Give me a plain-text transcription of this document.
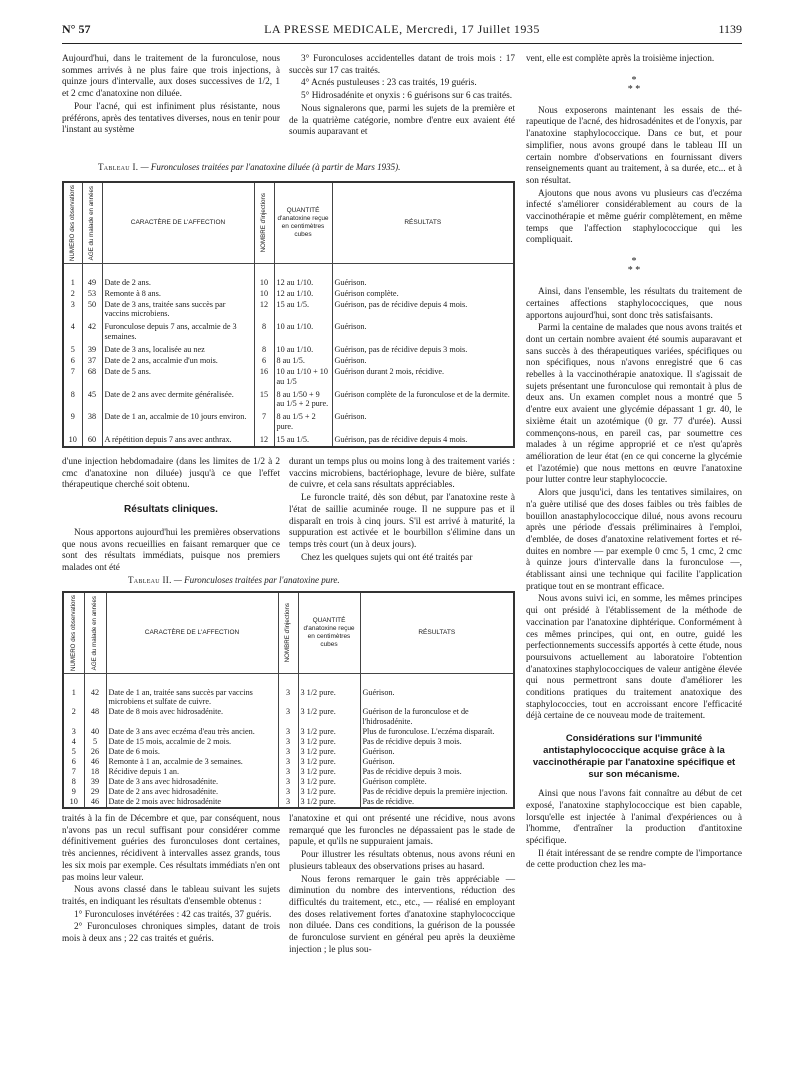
N° 57	LA PRESSE MEDICALE, Mercredi, 17 Juillet 1935	1139

Aujourd'hui, dans le traitement de la furonculose, nous sommes arrivés à ne plus faire que trois injections, à quinze jours d'intervalle, aux doses successives de 1/2, 1 et 2 cmc d'anatoxine non diluée.

Pour l'acné, qui est infiniment plus résistante, nous préférons, après des tentatives diverses, nous en tenir pour l'instant au système

3° Furonculoses accidentelles datant de trois mois : 17 succès sur 17 cas traités.

4° Acnés pustuleuses : 23 cas traités, 19 guéris.

5° Hidrosadénite et onyxis : 6 guérisons sur 6 cas traités.

Nous signalerons que, parmi les sujets de la première et de la quatrième catégorie, nombre d'entre eux avaient été soumis auparavant et

Tableau I. — Furonculoses traitées par l'anatoxine diluée (à partir de Mars 1935).
NUMÉRO des observations	AGE du malade en années	CARACTÈRE DE L'AFFECTION	NOMBRE d'injections	QUANTITÉ d'anatoxine reçue en centimètres cubes	RÉSULTATS

1	49	Date de 2 ans.	10	12 au 1/10.	Guérison.
2	53	Remonte à 8 ans.	10	12 au 1/10.	Guérison complète.
3	50	Date de 3 ans, traitée sans succès par vaccins microbiens.	12	15 au 1/5.	Guérison, pas de récidive depuis 4 mois.
4	42	Furonculose depuis 7 ans, accalmie de 3 semaines.	8	10 au 1/10.	Guérison.
5	39	Date de 3 ans, localisée au nez	8	10 au 1/10.	Guérison, pas de récidive depuis 3 mois.
6	37	Date de 2 ans, accalmie d'un mois.	6	8 au 1/5.	Guérison.
7	68	Date de 5 ans.	16	10 au 1/10 + 10 au 1/5	Guérison durant 2 mois, récidive.
8	45	Date de 2 ans avec dermite généralisée.	15	8 au 1/50 + 9 au 1/5 + 2 pure.	Guérison complète de la furonculose et de la dermite.
9	38	Date de 1 an, accalmie de 10 jours environ.	7	8 au 1/5 + 2 pure.	Guérison.
10	60	A répétition depuis 7 ans avec anthrax.	12	15 au 1/5.	Guérison, pas de récidive depuis 4 mois.

d'une injection hebdomadaire (dans les limites de 1/2 à 2 cmc d'anatoxine non diluée) jusqu'à ce que l'effet thérapeutique cherché soit obtenu.

Résultats cliniques.

Nous apportons aujourd'hui les premières observations que nous avons recueillies en faisant remarquer que ce sont des résultats immédiats, puisque nos premiers malades ont été

durant un temps plus ou moins long à des traitement variés : vaccins microbiens, bactériophage, levure de bière, sulfate de cuivre, et cela sans résultats appréciables.

Le furoncle traité, dès son début, par l'anatoxine reste à l'état de saillie acuminée rouge. Il ne suppure pas et il disparaît en trois à cinq jours. S'il est arrivé à maturité, la suppuration est activée et le bourbillon s'élimine dans un temps très court (un à deux jours).

Chez les quelques sujets qui ont été traités par

Tableau II. — Furonculoses traitées par l'anatoxine pure.
NUMÉRO des observations	AGE du malade en années	CARACTÈRE DE L'AFFECTION	NOMBRE d'injections	QUANTITÉ d'anatoxine reçue en centimètres cubes	RÉSULTATS

1	42	Date de 1 an, traitée sans succès par vaccins microbiens et sulfate de cuivre.	3	3 1/2 pure.	Guérison.
2	48	Date de 8 mois avec hidrosadénite.	3	3 1/2 pure.	Guérison de la furonculose et de l'hidrosadénite.
3	40	Date de 3 ans avec eczéma d'eau très ancien.	3	3 1/2 pure.	Plus de furonculose. L'eczéma disparaît.
4	5	Date de 15 mois, accalmie de 2 mois.	3	3 1/2 pure.	Pas de récidive depuis 3 mois.
5	26	Date de 6 mois.	3	3 1/2 pure.	Guérison.
6	46	Remonte à 1 an, accalmie de 3 semaines.	3	3 1/2 pure.	Guérison.
7	18	Récidive depuis 1 an.	3	3 1/2 pure.	Pas de récidive depuis 3 mois.
8	39	Date de 3 ans avec hidrosadénite.	3	3 1/2 pure.	Guérison complète.
9	29	Date de 2 ans avec hidrosadénite.	3	3 1/2 pure.	Pas de récidive depuis la première injection.
10	46	Date de 2 mois avec hidrosadénite	3	3 1/2 pure.	Pas de récidive.

traités à la fin de Décembre et que, par conséquent, nous n'avons pas un recul suffisant pour considérer comme définitivement guéries des furonculoses dont certaines, très anciennes, récidivent à intervalles assez grands, tous les six mois par exemple. Ces résultats immédiats n'en ont pas moins leur valeur.

Nous avons classé dans le tableau suivant les sujets traités, en indiquant les résultats d'ensemble obtenus :

1° Furonculoses invétérées : 42 cas traités, 37 guéris.

2° Furonculoses chroniques simples, datant de trois mois à deux ans ; 22 cas traités et guéris.

l'anatoxine et qui ont présenté une récidive, nous avons remarqué que les furoncles ne dépassaient pas le stade de papule, et qu'ils ne suppuraient jamais.

Pour illustrer les résultats obtenus, nous avons réuni en plusieurs tableaux des observations prises au hasard.

Nous ferons remarquer le gain très appréciable — diminution du nombre des interventions, réduction des difficultés du traitement, etc., etc., — réalisé en employant des doses relativement fortes d'anatoxine staphylococcique non diluée. Dans ces conditions, la guérison de la poussée de furonculose survient en général peu après la deuxième injection ; le plus sou-

vent, elle est complète après la troisième injection.

*
* *

Nous exposerons maintenant les essais de thérapeutique de l'acné, des hidrosadénites et de l'onyxis, par l'anatoxine staphylococcique. Dans ce but, et pour simplifier, nous avons groupé dans le tableau III un certain nombre d'observations en fournissant divers renseignements quant au traitement, à sa durée, etc... et à son résultat.

Ajoutons que nous avons vu plusieurs cas d'eczéma infecté s'améliorer considérablement au cours de la vaccinothérapie et même guérir complètement, en même temps que l'affection staphylococcique qui les compliquait.

*
* *

Ainsi, dans l'ensemble, les résultats du traitement de certaines affections staphylococciques, que nous apportons aujourd'hui, sont donc très satisfaisants.

Parmi la centaine de malades que nous avons traités et dont un certain nombre avaient été soumis auparavant et sans succès à des thérapeutiques variées, spécifiques ou non spécifiques, nous n'avons enregistré que 6 cas rebelles à la vaccinothérapie anatoxique. Il s'agissait de sujets présentant une furonculose qui remontait à plus de deux ans. Un examen complet nous a montré que 5 d'entre eux avaient une glycémie dépassant 1 gr. 40, le sixième était un azotémique (0 gr. 77 d'urée). Aussi commençons-nous, en pareil cas, par soumettre ces malades à un régime approprié et ce n'est qu'après amélioration de leur état (en ce qui concerne la glycémie et l'azotémie) que nous mettons en œuvre l'anatoxine pour lutter contre leur staphylococcie.

Alors que jusqu'ici, dans les tentatives similaires, on n'a guère utilisé que des doses faibles ou très faibles de bouillon anastaphylococcique dilué, nous avons recouru après une période d'essais préliminaires à l'emploi, d'emblée, de doses d'anatoxine relativement fortes et réduites en nombre — par exemple 0 cmc 5, 1 cmc, 2 cmc à quinze jours d'intervalle dans la furonculose —, établissant ainsi une technique qui facilite l'application pratique tout en se montrant efficace.

Nous avons suivi ici, en somme, les mêmes principes qui ont présidé à l'établissement de la méthode de vaccination par l'anatoxine diphtérique. Conformément à ces mêmes principes, qui ont, en outre, guidé les perfectionnements successifs apportés à cette étude, nous poursuivons actuellement au laboratoire l'obtention d'anatoxines staphylococciques de valeur antigène élevée qui nous permettront sans doute d'améliorer les conditions pratiques du traitement anatoxique des staphylococcies, tout en accroissant encore l'efficacité déjà certaine de ce nouveau mode de traitement.

Considérations sur l'immunité antistaphylococcique acquise grâce à la vaccinothérapie par l'anatoxine spécifique et sur son mécanisme.

Ainsi que nous l'avons fait connaître au début de cet exposé, l'anatoxine staphylococcique est bien capable, lorsqu'elle est injectée à l'animal d'expériences ou à l'homme, d'entraîner la production d'antitoxine spécifique.

Il était intéressant de se rendre compte de l'importance de cette production chez les ma-
